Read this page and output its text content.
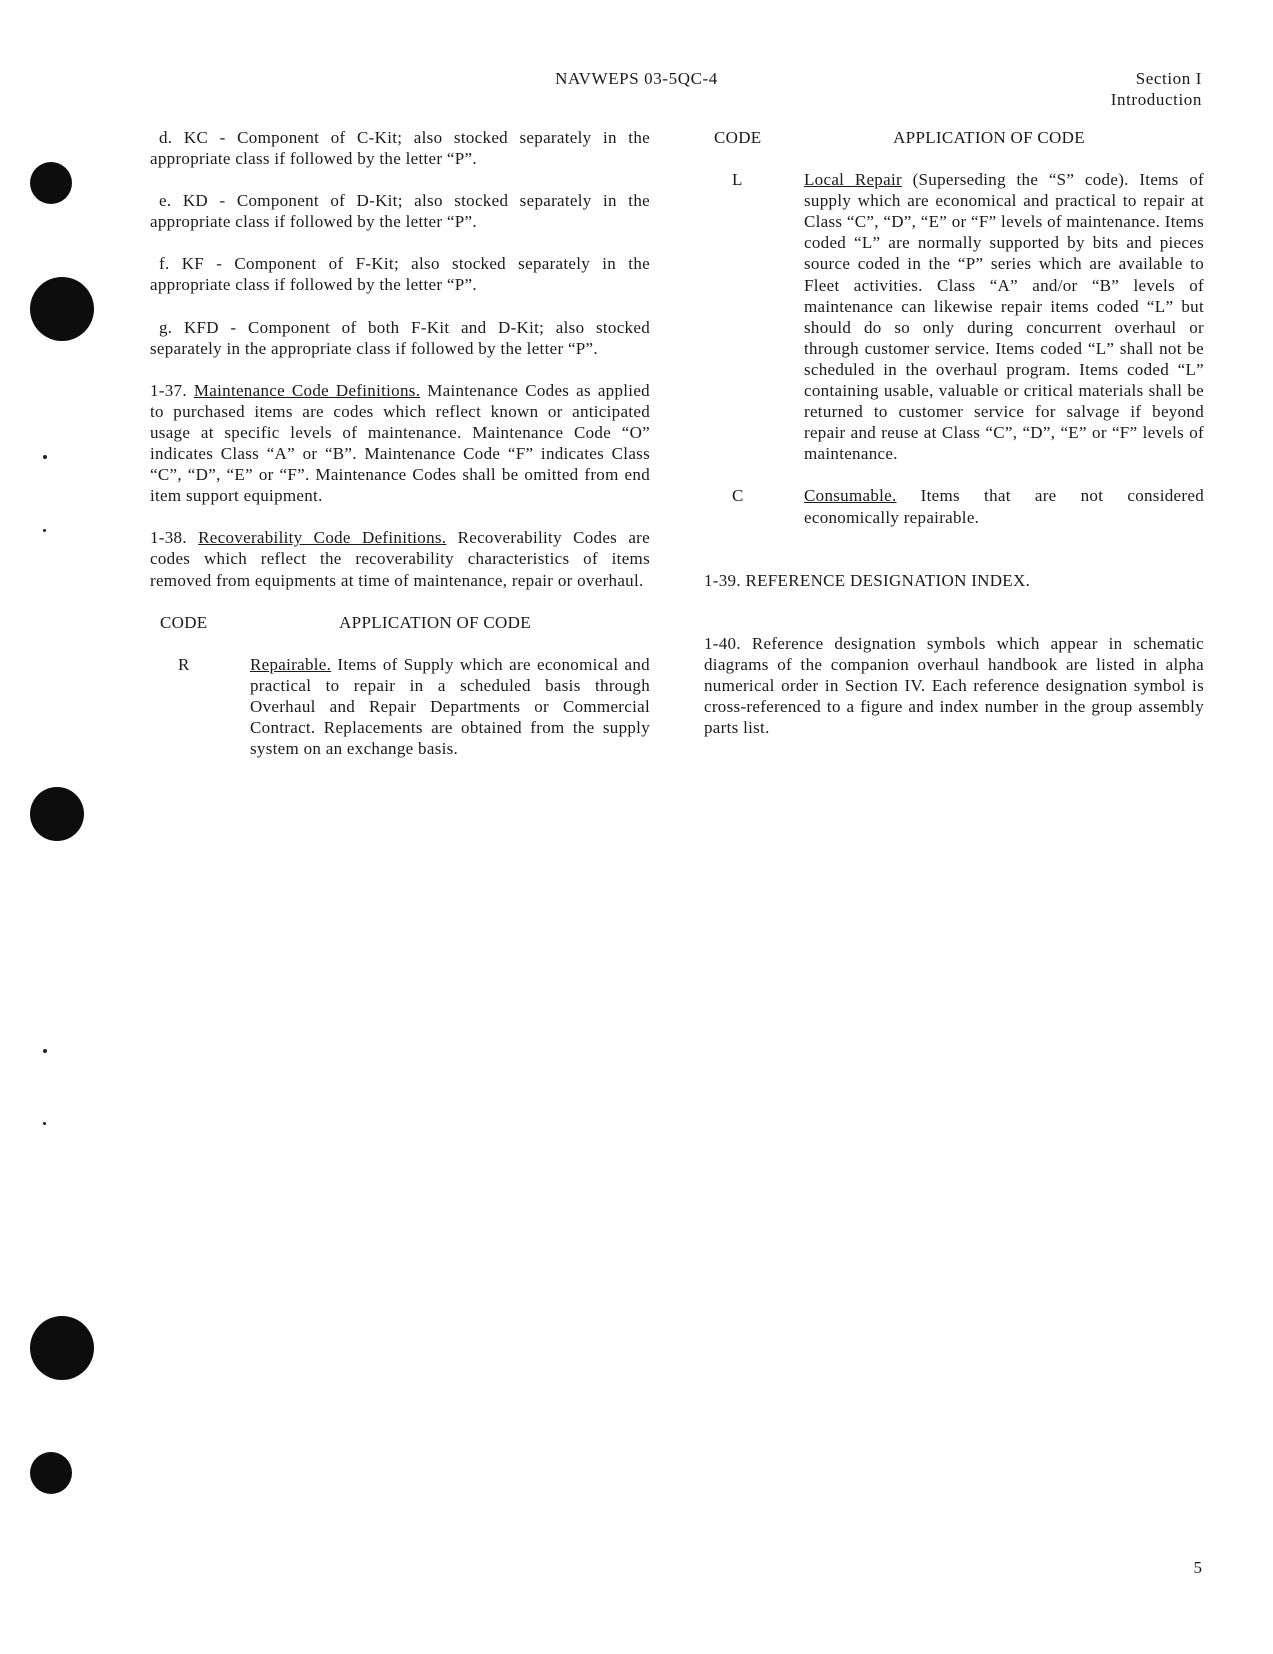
NAVWEPS 03-5QC-4	Section I
Introduction

d. KC - Component of C-Kit; also stocked separately in the appropriate class if followed by the letter “P”.

e. KD - Component of D-Kit; also stocked separately in the appropriate class if followed by the letter “P”.

f. KF - Component of F-Kit; also stocked separately in the appropriate class if followed by the letter “P”.

g. KFD - Component of both F-Kit and D-Kit; also stocked separately in the appropriate class if followed by the letter “P”.

1-37. Maintenance Code Definitions. Maintenance Codes as applied to purchased items are codes which reflect known or anticipated usage at specific levels of maintenance. Maintenance Code “O” indicates Class “A” or “B”. Maintenance Code “F” indicates Class “C”, “D”, “E” or “F”. Maintenance Codes shall be omitted from end item support equipment.

1-38. Recoverability Code Definitions. Recoverability Codes are codes which reflect the recoverability characteristics of items removed from equipments at time of maintenance, repair or overhaul.

CODE	APPLICATION OF CODE
R	Repairable. Items of Supply which are economical and practical to repair in a scheduled basis through Overhaul and Repair Departments or Commercial Contract. Replacements are obtained from the supply system on an exchange basis.
CODE	APPLICATION OF CODE
L	Local Repair (Superseding the “S” code). Items of supply which are economical and practical to repair at Class “C”, “D”, “E” or “F” levels of maintenance. Items coded “L” are normally supported by bits and pieces source coded in the “P” series which are available to Fleet activities. Class “A” and/or “B” levels of maintenance can likewise repair items coded “L” but should do so only during concurrent overhaul or through customer service. Items coded “L” shall not be scheduled in the overhaul program. Items coded “L” containing usable, valuable or critical materials shall be returned to customer service for salvage if beyond repair and reuse at Class “C”, “D”, “E” or “F” levels of maintenance.
C	Consumable. Items that are not considered economically repairable.

1-39. REFERENCE DESIGNATION INDEX.

1-40. Reference designation symbols which appear in schematic diagrams of the companion overhaul handbook are listed in alpha numerical order in Section IV. Each reference designation symbol is cross-referenced to a figure and index number in the group assembly parts list.

5
